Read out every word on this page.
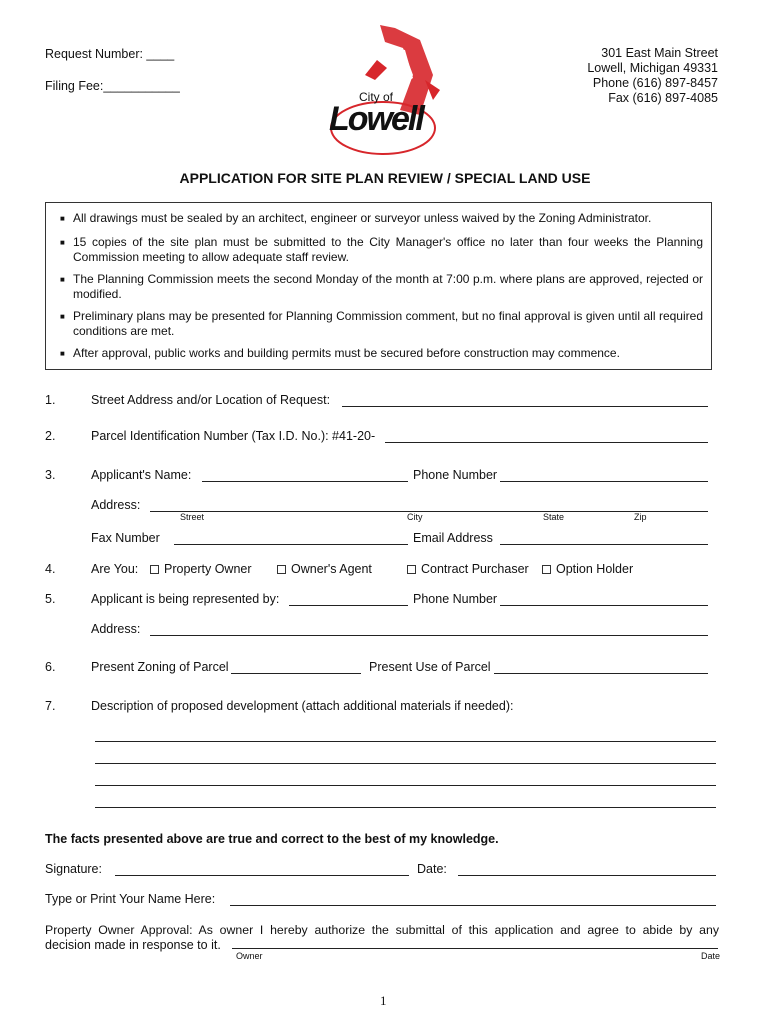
Request Number: ____
Filing Fee:___________
City of
Lowell
301 East Main Street
Lowell, Michigan 49331
Phone (616) 897-8457
Fax (616) 897-4085
APPLICATION FOR SITE PLAN REVIEW / SPECIAL LAND USE
■ All drawings must be sealed by an architect, engineer or surveyor unless waived by the Zoning Administrator.
■ 15 copies of the site plan must be submitted to the City Manager's office no later than four weeks the Planning Commission meeting to allow adequate staff review.
■ The Planning Commission meets the second Monday of the month at 7:00 p.m. where plans are approved, rejected or modified.
■ Preliminary plans may be presented for Planning Commission comment, but no final approval is given until all required conditions are met.
■ After approval, public works and building permits must be secured before construction may commence.
1.	Street Address and/or Location of Request:
2.	Parcel Identification Number (Tax I.D. No.): #41-20-
3.	Applicant's Name:	Phone Number
Address:
Street	City	State	Zip
Fax Number	Email Address
4.	Are You:	Property Owner	Owner's Agent	Contract Purchaser	Option Holder
5.	Applicant is being represented by:	Phone Number
Address:
6.	Present Zoning of Parcel	Present Use of Parcel
7.	Description of proposed development (attach additional materials if needed):
The facts presented above are true and correct to the best of my knowledge.
Signature:	Date:
Type or Print Your Name Here:
Property Owner Approval: As owner I hereby authorize the submittal of this application and agree to abide by any
decision made in response to it.
Owner	Date
1
